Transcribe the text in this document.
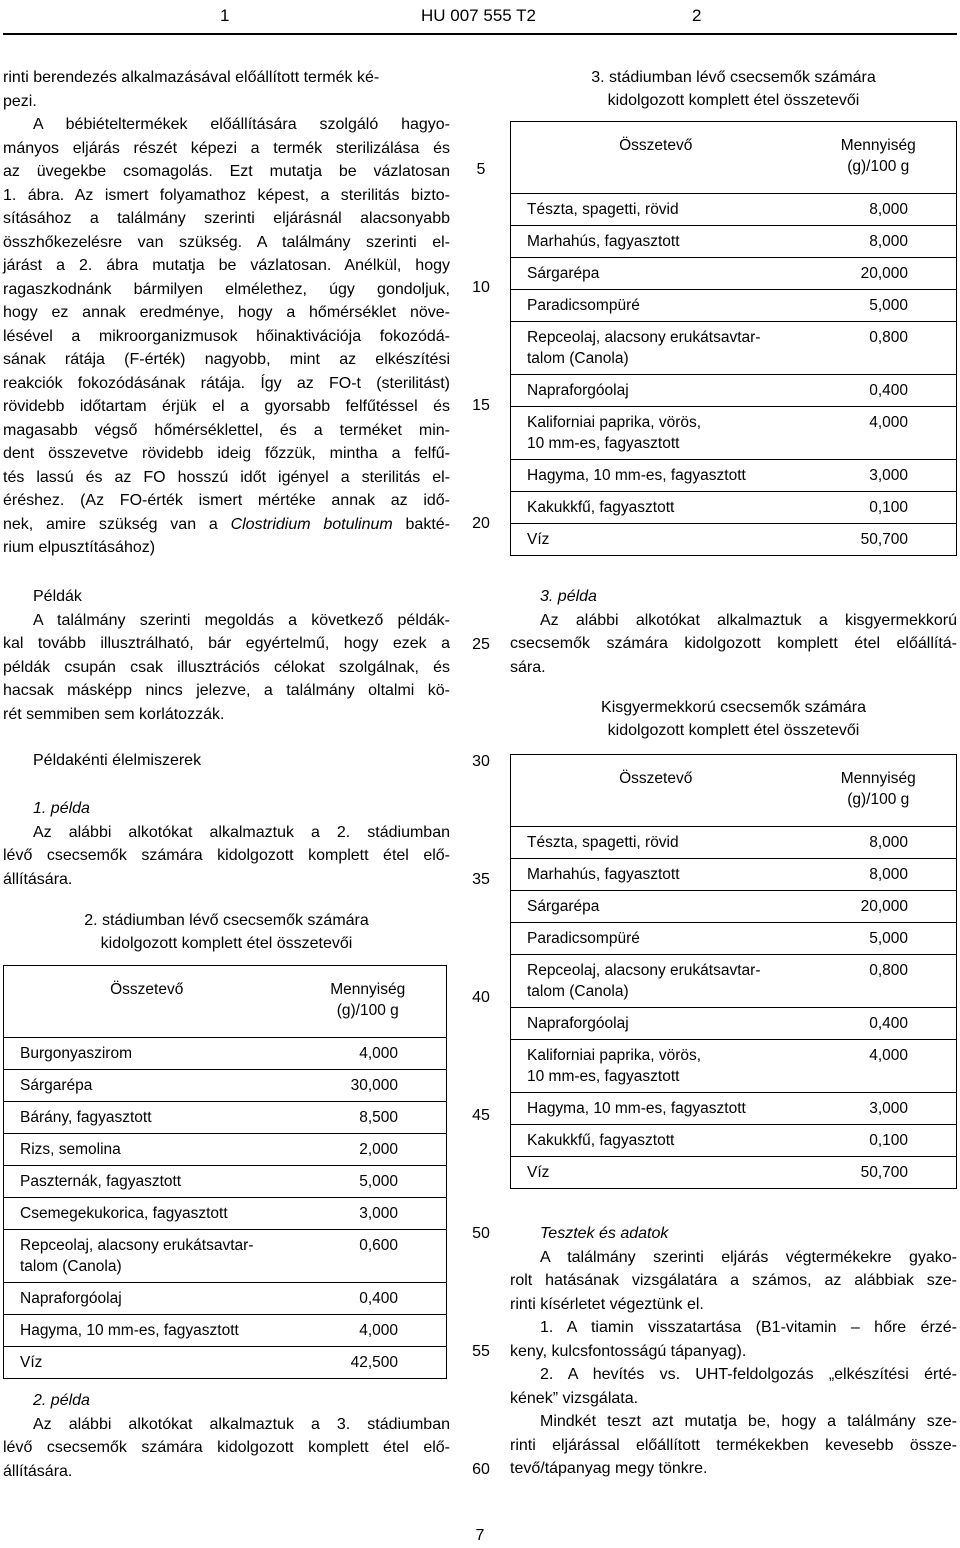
1	HU 007 555 T2	2
5
10
15
20
25
30
35
40
45
50
55
60

rinti berendezés alkalmazásával előállított termék ké-

pezi.

A bébiételtermékek előállítására szolgáló hagyo-

mányos eljárás részét képezi a termék sterilizálása és

az üvegekbe csomagolás. Ezt mutatja be vázlatosan

1. ábra. Az ismert folyamathoz képest, a sterilitás bizto-

sításához a találmány szerinti eljárásnál alacsonyabb

összhőkezelésre van szükség. A találmány szerinti el-

járást a 2. ábra mutatja be vázlatosan. Anélkül, hogy

ragaszkodnánk bármilyen elmélethez, úgy gondoljuk,

hogy ez annak eredménye, hogy a hőmérséklet növe-

lésével a mikroorganizmusok hőinaktivációja fokozódá-

sának rátája (F-érték) nagyobb, mint az elkészítési

reakciók fokozódásának rátája. Így az FO-t (sterilitást)

rövidebb időtartam érjük el a gyorsabb felfűtéssel és

magasabb végső hőmérséklettel, és a terméket min-

dent összevetve rövidebb ideig főzzük, mintha a felfű-

tés lassú és az FO hosszú időt igényel a sterilitás el-

éréshez. (Az FO-érték ismert mértéke annak az idő-

nek, amire szükség van a Clostridium botulinum bakté-

rium elpusztításához)

Példák

A találmány szerinti megoldás a következő példák-

kal tovább illusztrálható, bár egyértelmű, hogy ezek a

példák csupán csak illusztrációs célokat szolgálnak, és

hacsak másképp nincs jelezve, a találmány oltalmi kö-

rét semmiben sem korlátozzák.

Példakénti élelmiszerek

1. példa

Az alábbi alkotókat alkalmaztuk a 2. stádiumban

lévő csecsemők számára kidolgozott komplett étel elő-

állítására.

2. stádiumban lévő csecsemők számára
kidolgozott komplett étel összetevői
Összetevő	Mennyiség
(g)/100 g
Burgonyaszirom	4,000
Sárgarépa	30,000
Bárány, fagyasztott	8,500
Rizs, semolina	2,000
Paszternák, fagyasztott	5,000
Csemegekukorica, fagyasztott	3,000
Repceolaj, alacsony erukátsavtar-
talom (Canola)	0,600
Napraforgóolaj	0,400
Hagyma, 10 mm-es, fagyasztott	4,000
Víz	42,500

2. példa

Az alábbi alkotókat alkalmaztuk a 3. stádiumban

lévő csecsemők számára kidolgozott komplett étel elő-

állítására.

3. stádiumban lévő csecsemők számára
kidolgozott komplett étel összetevői
Összetevő	Mennyiség
(g)/100 g
Tészta, spagetti, rövid	8,000
Marhahús, fagyasztott	8,000
Sárgarépa	20,000
Paradicsompüré	5,000
Repceolaj, alacsony erukátsavtar-
talom (Canola)	0,800
Napraforgóolaj	0,400
Kaliforniai paprika, vörös,
10 mm-es, fagyasztott	4,000
Hagyma, 10 mm-es, fagyasztott	3,000
Kakukkfű, fagyasztott	0,100
Víz	50,700

3. példa

Az alábbi alkotókat alkalmaztuk a kisgyermekkorú

csecsemők számára kidolgozott komplett étel előállítá-

sára.

Kisgyermekkorú csecsemők számára
kidolgozott komplett étel összetevői
Összetevő	Mennyiség
(g)/100 g
Tészta, spagetti, rövid	8,000
Marhahús, fagyasztott	8,000
Sárgarépa	20,000
Paradicsompüré	5,000
Repceolaj, alacsony erukátsavtar-
talom (Canola)	0,800
Napraforgóolaj	0,400
Kaliforniai paprika, vörös,
10 mm-es, fagyasztott	4,000
Hagyma, 10 mm-es, fagyasztott	3,000
Kakukkfű, fagyasztott	0,100
Víz	50,700

Tesztek és adatok

A találmány szerinti eljárás végtermékekre gyako-

rolt hatásának vizsgálatára a számos, az alábbiak sze-

rinti kísérletet végeztünk el.

1. A tiamin visszatartása (B1-vitamin – hőre érzé-

keny, kulcsfontosságú tápanyag).

2. A hevítés vs. UHT-feldolgozás „elkészítési érté-

kének” vizsgálata.

Mindkét teszt azt mutatja be, hogy a találmány sze-

rinti eljárással előállított termékekben kevesebb össze-

tevő/tápanyag megy tönkre.

7
